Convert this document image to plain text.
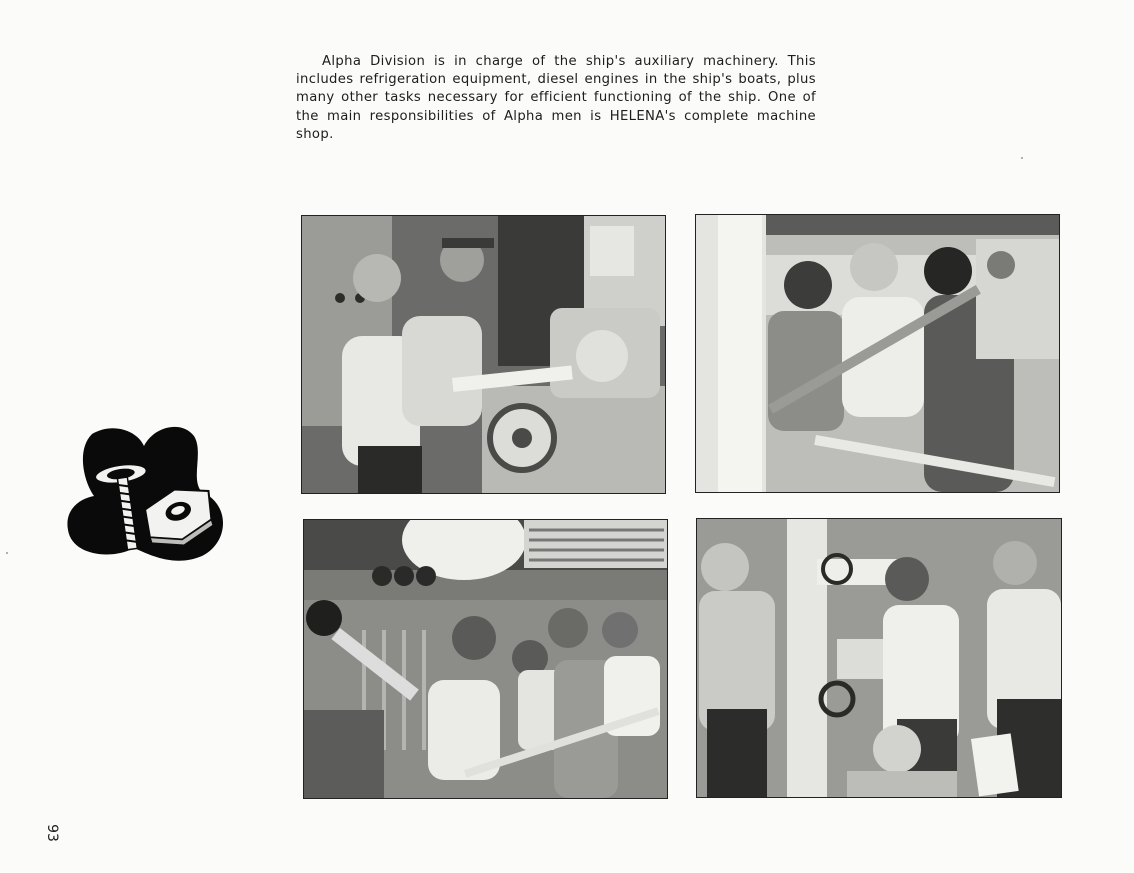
Alpha Division is in charge of the ship's auxiliary machinery. This includes refrigeration equipment, diesel engines in the ship's boats, plus many other tasks necessary for efficient functioning of the ship. One of the main responsibilities of Alpha men is HELENA's complete machine shop.

93
